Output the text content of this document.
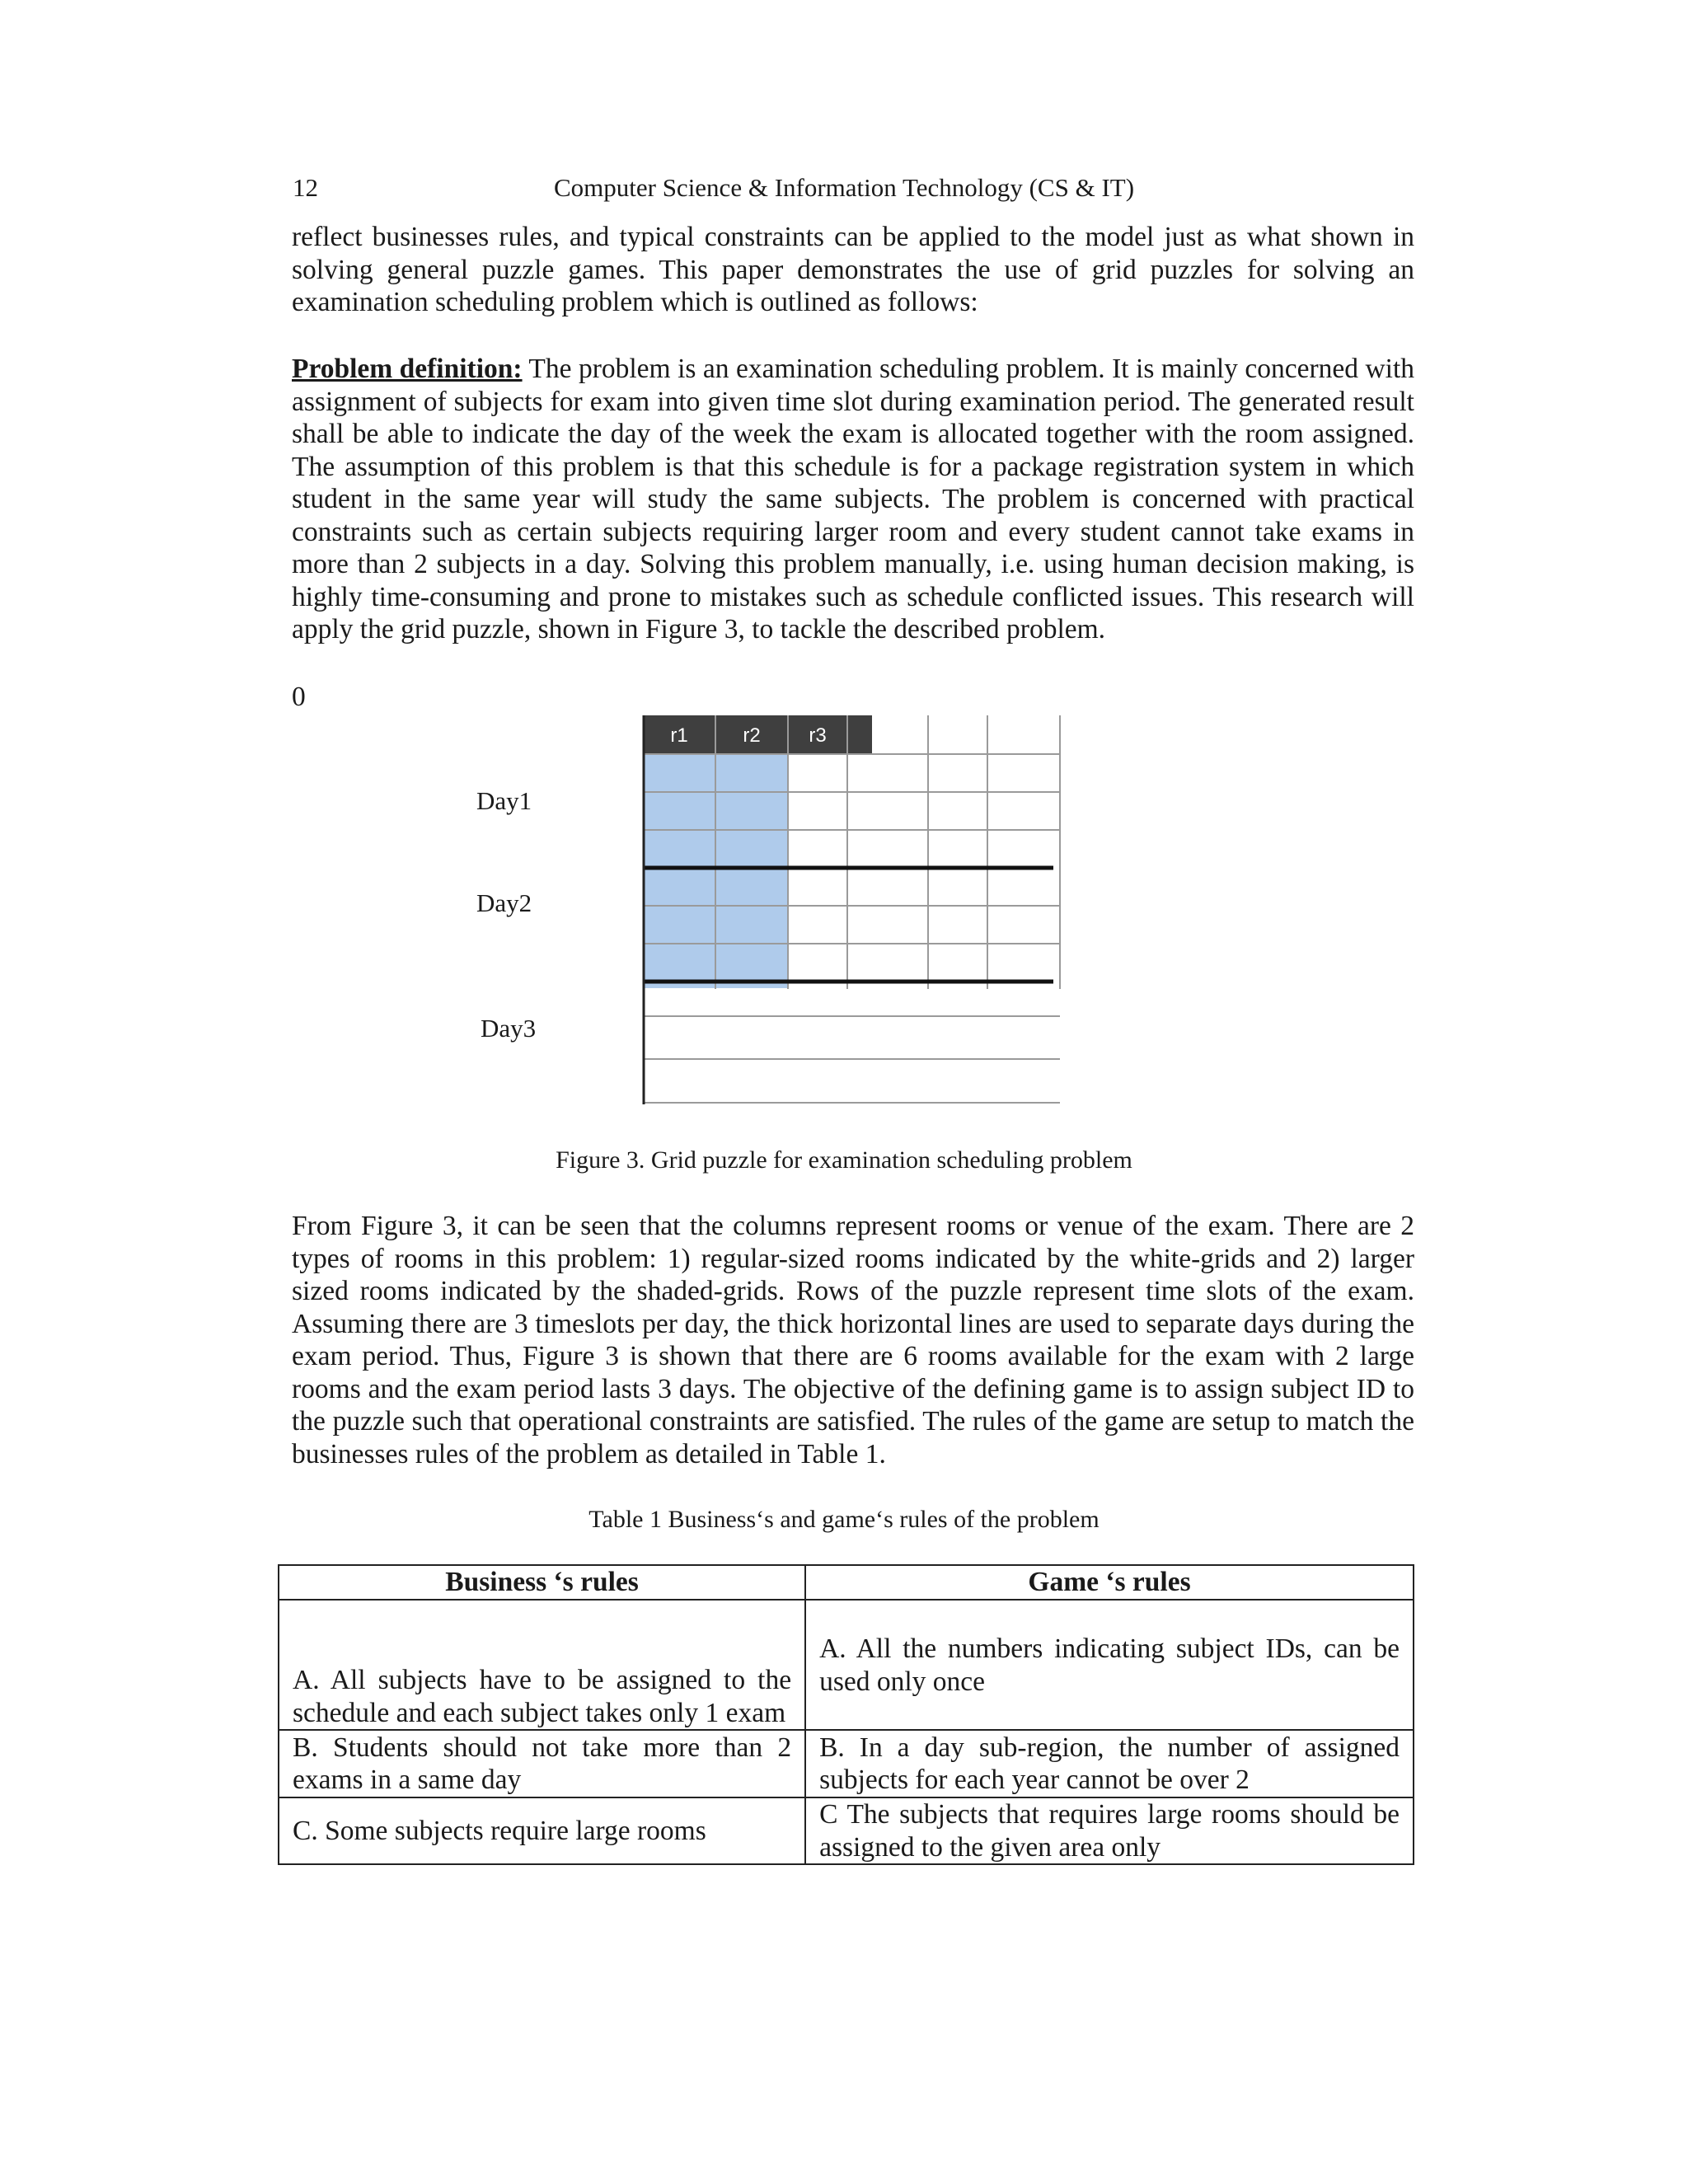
12	Computer Science & Information Technology (CS & IT)

reflect businesses rules, and typical constraints can be applied to the model just as what shown in solving general puzzle games. This paper demonstrates the use of grid puzzles for solving an examination scheduling problem which is outlined as follows:

Problem definition: The problem is an examination scheduling problem. It is mainly concerned with assignment of subjects for exam into given time slot during examination period. The generated result shall be able to indicate the day of the week the exam is allocated together with the room assigned. The assumption of this problem is that this schedule is for a package registration system in which student in the same year will study the same subjects. The problem is concerned with practical constraints such as certain subjects requiring larger room and every student cannot take exams in more than 2 subjects in a day. Solving this problem manually, i.e. using human decision making, is highly time-consuming and prone to mistakes such as schedule conflicted issues. This research will apply the grid puzzle, shown in Figure 3, to tackle the described problem.

0
Day1
Day2
Day3
r1	r2 r3	r4	r5 r6
Figure 3. Grid puzzle for examination scheduling problem

From Figure 3, it can be seen that the columns represent rooms or venue of the exam. There are 2 types of rooms in this problem: 1) regular-sized rooms indicated by the white-grids and 2) larger sized rooms indicated by the shaded-grids. Rows of the puzzle represent time slots of the exam. Assuming there are 3 timeslots per day, the thick horizontal lines are used to separate days during the exam period. Thus, Figure 3 is shown that there are 6 rooms available for the exam with 2 large rooms and the exam period lasts 3 days. The objective of the defining game is to assign subject ID to the puzzle such that operational constraints are satisfied. The rules of the game are setup to match the businesses rules of the problem as detailed in Table 1.

Table 1 Business‘s and game‘s rules of the problem
Business ‘s rules	Game ‘s rules
A. All subjects have to be assigned to the schedule and each subject takes only 1 exam	A. All the numbers indicating subject IDs, can be used only once
B. Students should not take more than 2 exams in a same day	B. In a day sub-region, the number of assigned subjects for each year cannot be over 2
C. Some subjects require large rooms	C The subjects that requires large rooms should be assigned to the given area only
